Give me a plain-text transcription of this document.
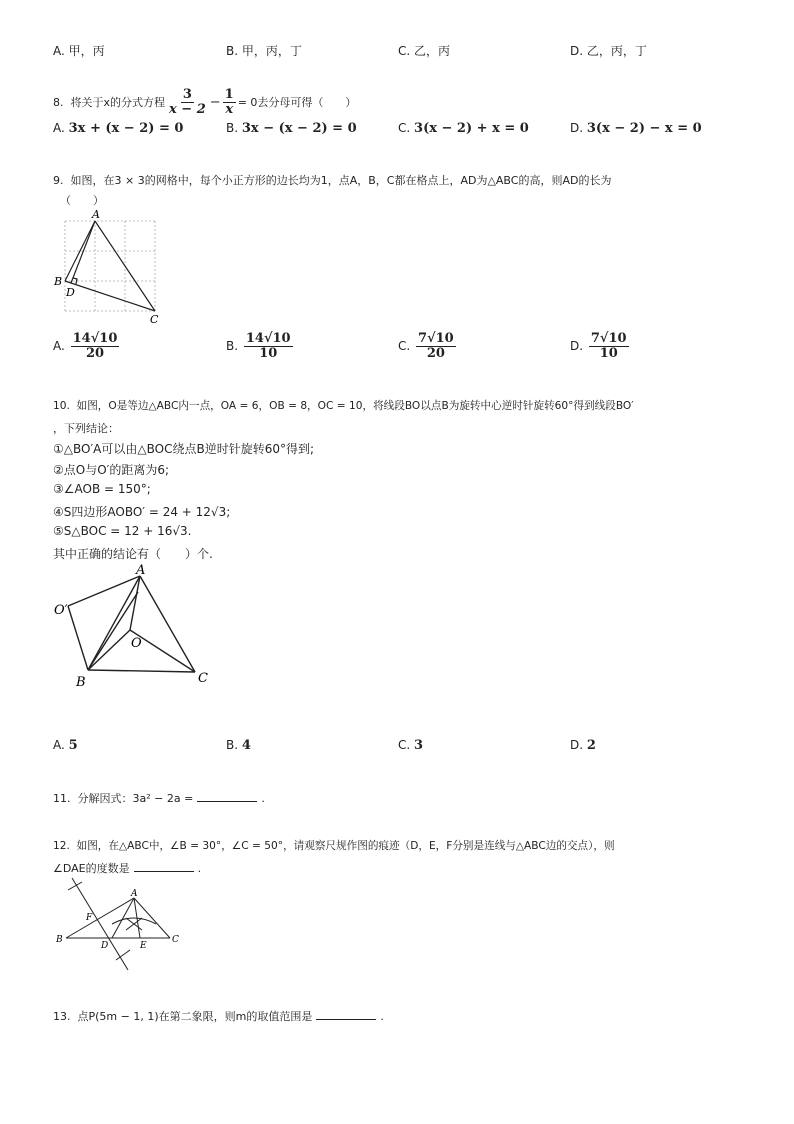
A. 甲，丙	B. 甲，丙，丁	C. 乙，丙	D. 乙，丙，丁
8.
将关于x的分式方程 $\frac{3}{x - 2} - \frac{1}{x} = 0$去分母可得（　　）
A. 3x + (x − 2) = 0	B. 3x − (x − 2) = 0	C. 3(x − 2) + x = 0	D. 3(x − 2) − x = 0
9. 如图，在3 × 3的网格中，每个小正方形的边长均为1，点A，B，C都在格点上，AD为△ABC的高，则AD的长为
（　　）
A
B
D
C
A.
$\frac{14√10}{20}$	B.
$\frac{14√10}{10}$	C.
$\frac{7√10}{20}$	D.
$\frac{7√10}{10}$
10. 如图，O是等边△ABC内一点，OA = 6，OB = 8，OC = 10，将线段BO以点B为旋转中心逆时针旋转60°得到线段BO′
，下列结论：
①△BO′A可以由△BOC绕点B逆时针旋转60°得到;
②点O与O′的距离为6;
③∠AOB = 150°;
④S四边形AOBO′ = 24 + 12√3;
⑤S△BOC = 12 + 16√3.
其中正确的结论有（　　）个.
A
O′
O
B	C
A. 5	B. 4	C. 3	D. 2
11. 分解因式：3a² − 2a =	.
12. 如图，在△ABC中，∠B = 30°，∠C = 50°，请观察尺规作图的痕迹（D，E，F分别是连线与△ABC边的交点），则
∠DAE的度数是	.
A
B	C
D	E
F
13. 点P(5m − 1, 1)在第二象限，则m的取值范围是	.
